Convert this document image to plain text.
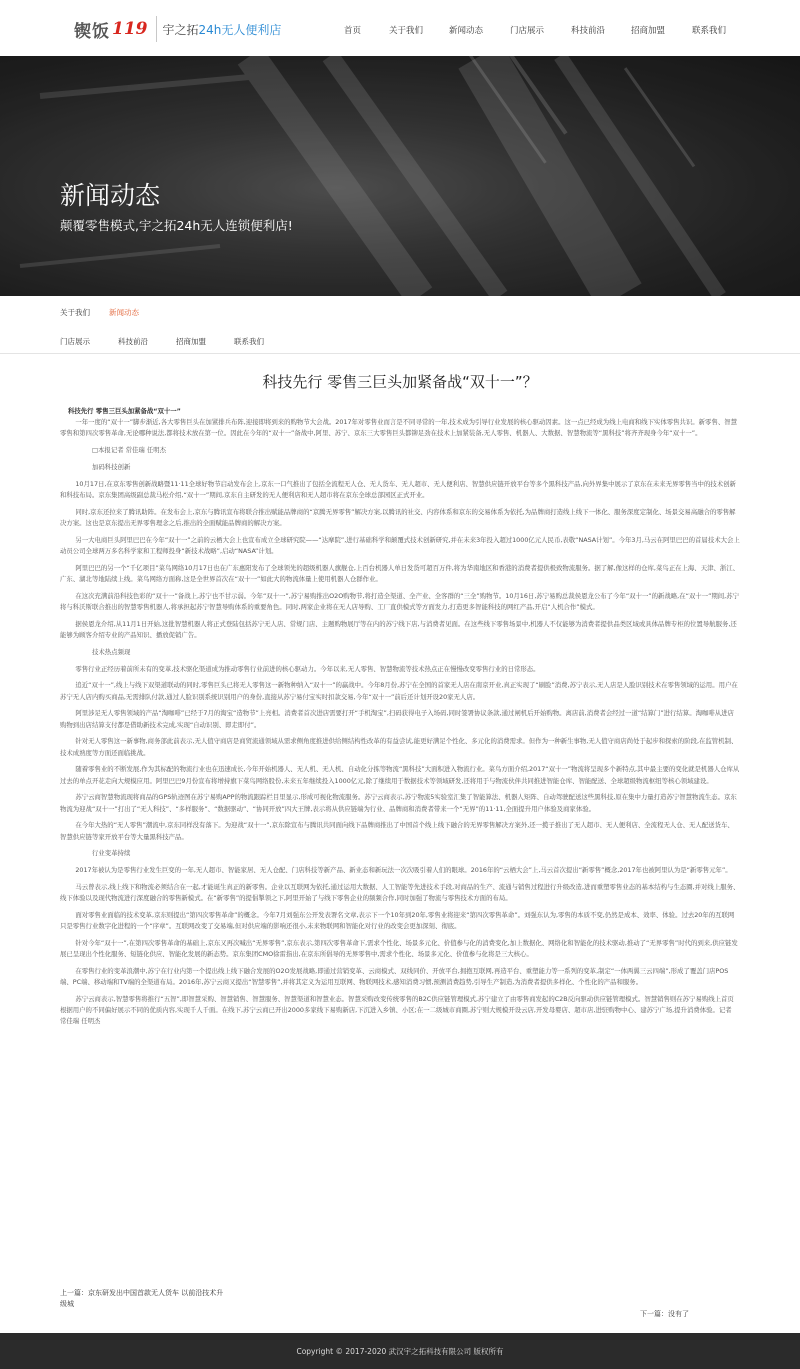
锲饭 119 宇之拓24h无人便利店	首页	关于我们	新闻动态	门店展示	科技前沿	招商加盟	联系我们
新闻动态
颠覆零售模式,宇之拓24h无人连锁便利店!
关于我们	新闻动态
门店展示	科技前沿	招商加盟	联系我们
科技先行 零售三巨头加紧备战“双十一”？

科技先行 零售三巨头加紧备战“双十一”

一年一度的“双十一”脚步渐近,各大零售巨头在加紧排兵布阵,迎接即将到来的购物节大会战。2017年对零售业而言是不同寻常的一年,技术成为引导行业发展的核心驱动因素。这一点已经成为线上电商和线下实体零售共识。新零售、智慧零售和第四次零售革命,无论哪种说法,都将技术放在第一位。因此在今年的“双十一”备战中,阿里、苏宁、京东三大零售巨头都铆足劲在技术上加紧装备,无人零售、机器人、大数据、智慧物流等“黑科技”将齐齐现身今年“双十一”。

□本报记者 常佳瑞 任明杰

加码科技创新

10月17日,在京东零售创新战略暨11·11全球好物节启动发布会上,京东一口气推出了包括全流程无人仓、无人货车、无人超市、无人便利店、智慧供应链开放平台等多个黑科技产品,向外界集中展示了京东在未来无界零售当中的技术创新和科技布局。京东集团高级副总裁马松介绍,“双十一”期间,京东自主研发的无人便利店和无人超市将在京东全球总部园区正式开业。

同时,京东还拉来了腾讯助阵。在发布会上,京东与腾讯宣布将联合推出赋能品牌商的“京腾无界零售”解决方案,以腾讯的社交、内容体系和京东的交易体系为依托,为品牌商打造线上线下一体化、服务深度定制化、场景交易高融合的零售解决方案。这也是京东提出无界零售理念之后,推出的全面赋能品牌商的解决方案。

另一大电商巨头阿里巴巴在今年“双十一”之前的云栖大会上也宣布成立全球研究院——“达摩院”,进行基础科学和颠覆式技术创新研究,并在未来3年投入超过1000亿元人民币,表敬“NASA计划”。今年3月,马云在阿里巴巴的首届技术大会上动员公司全球两万多名科学家和工程师投身“新技术战略”,启动“NASA”计划。

阿里巴巴的另一个“千亿项目”菜鸟网络10月17日也在广东惠阳发布了全球领先的超级机器人旗舰仓,上百台机器人单日发货可超百万件,将为华南地区和香港的消费者提供极致物流服务。据了解,像这样的仓库,菜鸟正在上海、天津、浙江、广东、湖北等地陆续上线。菜鸟网络方面称,这是全世界首次在“双十一”如此大的物流体量上使用机器人仓群作业。

在这次充满前沿科技色彩的“双十一”备战上,苏宁也不甘示弱。今年“双十一”,苏宁易购推出O2O购物节,将打造全渠道、全产业、全客群的“三全”购物节。10月16日,苏宁易购总裁侯恩龙公布了今年“双十一”的新战略,在“双十一”期间,苏宁将与科沃斯联合推出的智慧零售机器人,将承担起苏宁智慧导购体系的重要角色。同时,两家企业将在无人店导购、工厂直供模式等方面发力,打造更多智能科技的网红产品,开启“人机合作”模式。

据侯恩龙介绍,从11月1日开始,这批智慧机器人将正式登陆包括苏宁无人店、常规门店、主题购物展厅等在内的苏宁线下店,与消费者见面。在这些线下零售场景中,机器人不仅能够为消费者提供品类区域或具体品牌专柜的位置导航服务,还能够为顾客介绍专业的产品知识、播放促销广告。

技术热点频现

零售行业正经历着前所未有的变革,技术驱化渠道成为推动零售行业前进的核心驱动力。今年以来,无人零售、智慧物流等技术热点正在慢慢改变零售行业的日常形态。

追近“双十一”,线上与线下双渠道联动的同时,零售巨头已将无人零售这一新物种纳入“双十一”的赢战中。今年8月份,苏宁在全国的首家无人店在南京开业,真正实现了“刷脸”消费,苏宁表示,无人店是人脸识别技术在零售领域的运用。用户在苏宁无人店内购买商品,无需排队付款,通过人脸识别系统识别用户的身份,直接从苏宁易付宝实时扣款交易,今年“双十一”前后还计划开设20家无人店。

阿里涉足无人零售领域的产品“淘咖啡”已经于7月的淘宝“造物节”上亮相。消费者首次进店需要打开“手机淘宝”,扫码获得电子入场码,同时签署协议条款,通过闸机后开始购物。离店前,消费者会经过一道“结算门”进行结算。淘咖啡从进店购物到出店结算支付都是借助新技术完成,实现“自动识别、即走即付”。

针对无人零售这一新事物,商务部此前表示,无人值守商店是商贸流通领域从需求侧角度推进供给侧结构性改革的有益尝试,能更好满足个性化、多元化的消费需求。但作为一种新生事物,无人值守商店尚处于起步和探索的阶段,在监管机制、技术成熟度等方面还面临挑战。

随着零售业的不断发展,作为其标配的物流行业也在迅速成长,今年开始机器人、无人机、无人机、自动化分拣等物流“黑科技”大面积进入物流行业。菜鸟方面介绍,2017“双十一”物流将呈现多个新特点,其中最主要的变化就是机器人仓库从过去的单点开花走向大规模应用。阿里巴巴9月份宣布将增持旗下菜鸟网络股份,未来五年继续投入1000亿元,除了继续用于数据技术等领域研发,还将用于与物流伙伴共同推进智能仓库、智能配送、全球超级物流枢纽等核心领域建设。

苏宁云商智慧物流现将商品的GPS轨迹图在苏宁易购APP的物流跟踪栏目里显示,形成可视化物流服务。苏宁云商表示,苏宁物流5实验室汇集了智能算法、机器人矩阵、自动驾驶配送这些黑科技,原在集中力量打造苏宁智慧物流生态。京东物流为迎战“双十一”打出了“无人科技”、“多样服务”、“数据驱动”、“协同开放”四大王牌,表示将从供应链端为行业、品牌商和消费者带来一个“无界”的11·11,全面提升用户体验及商家体验。

在今年大热的“无人零售”潮流中,京东同样没有落下。为迎战“双十一”,京东除宣布与腾讯共同面向线下品牌商推出了中国首个线上线下融合的无界零售解决方案外,还一揽子推出了无人超市、无人便利店、全流程无人仓、无人配送货车、智慧供应链等家开放平台等大量黑科技产品。

行业变革持续

2017年被认为是零售行业发生巨变的一年,无人超市、智能家居、无人仓配、门店科技等新产品、新业态和新玩法一次次吸引着人们的眼球。2016年的“云栖大会”上,马云首次提出“新零售”概念,2017年也被阿里认为是“新零售元年”。

马云曾表示,线上线下和物流必须结合在一起,才能诞生真正的新零售。企业以互联网为依托,通过运用大数据、人工智能等先进技术手段,对商品的生产、流通与销售过程进行升级改造,进而重塑零售业态的基本结构与生态圈,并对线上服务、线下体验以及现代物流进行深度融合的零售新模式。在“新零售”的提倡掣领之下,阿里开始了与线下零售企业的频频合作,同时加强了物流与零售技术方面的布局。

面对零售业面临的技术变革,京东则提出“第四次零售革命”的概念。今年7月刘强东公开发表署名文章,表示下一个10年到20年,零售业将迎来“第四次零售革命”。刘强东认为,零售的本质不变,仍然是成本、效率、体验。过去20年的互联网只是零售行业数字化进程的一个“序章”。互联网改变了交易端,但对供应端的影响还很小,未来物联网和智能化对行业的改变会更加深刻、彻底。

针对今年“双十一”,在第四次零售革命的基础上,京东又再次喊出“无界零售”,京东表示,第四次零售革命下,需求个性化、场景多元化、价值参与化的消费变化,加上数据化、网络化和智能化的技术驱动,推动了“无界零售”时代的到来,供应链发展已呈现出个性化服务、短链化供应、智能化发展的新态势。京东集团CMO徐雷指出,在京东所倡导的无界零售中,需求个性化、场景多元化、价值参与化将是三大核心。

在零售行业的变革浪潮中,苏宁在行业内第一个提出线上线下融合发展的O2O发展战略,即通过营销变革、云商模式、双线同价、开放平台,拥抱互联网,再造平台、重塑能力等一系列的变革,制定“一体两翼三云四端”,形成了覆盖门店POS端、PC端、移动端和TV端的全渠道布局。2016年,苏宁云商又提出“智慧零售”,并将其定义为运用互联网、物联网技术,感知消费习惯,预测消费趋势,引导生产制造,为消费者提供多样化、个性化的产品和服务。

苏宁云商表示,智慧零售将推行“五智”,即智慧采购、智慧销售、智慧服务、智慧渠道和智慧业态。智慧采购改变传统零售的B2C供应链管理模式,苏宁建立了由零售商发起的C2B反向驱动供应链管理模式。智慧销售则在苏宁易购线上首页根据用户的不同偏好展示不同的优质内容,实现千人千面。在线下,苏宁云商已开出2000多家线下易购新店,下沉进入乡镇、小区;在一二级城市商圈,苏宁则大规模开设云店,开发母婴店、超市店,进驻购物中心、建苏宁广场,提升消费体验。记者 常佳瑞 任明杰

上一篇：京东研发出中国首款无人货车 以前沿技术升级城
下一篇：没有了
Copyright © 2017-2020 武汉宇之拓科技有限公司 版权所有
